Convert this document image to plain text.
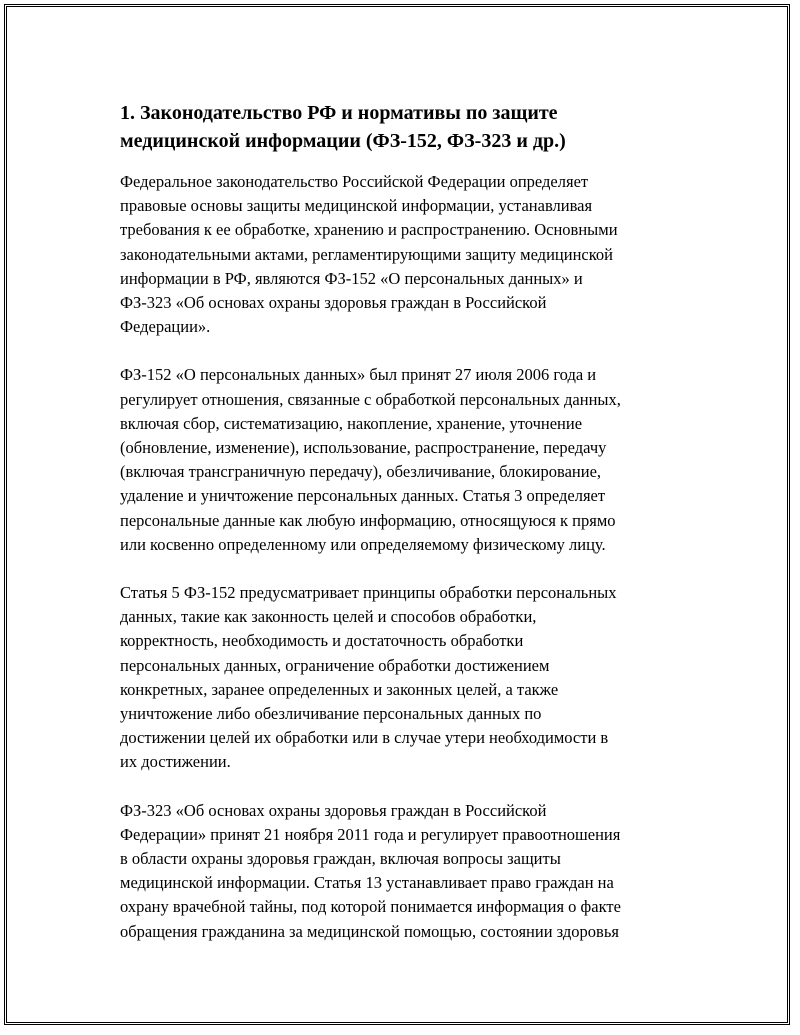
1. Законодательство РФ и нормативы по защите
медицинской информации (ФЗ-152, ФЗ-323 и др.)
Федеральное законодательство Российской Федерации определяет
правовые основы защиты медицинской информации, устанавливая
требования к ее обработке, хранению и распространению. Основными
законодательными актами, регламентирующими защиту медицинской
информации в РФ, являются ФЗ-152 «О персональных данных» и
ФЗ-323 «Об основах охраны здоровья граждан в Российской
Федерации».
ФЗ-152 «О персональных данных» был принят 27 июля 2006 года и
регулирует отношения, связанные с обработкой персональных данных,
включая сбор, систематизацию, накопление, хранение, уточнение
(обновление, изменение), использование, распространение, передачу
(включая трансграничную передачу), обезличивание, блокирование,
удаление и уничтожение персональных данных. Статья 3 определяет
персональные данные как любую информацию, относящуюся к прямо
или косвенно определенному или определяемому физическому лицу.
Статья 5 ФЗ-152 предусматривает принципы обработки персональных
данных, такие как законность целей и способов обработки,
корректность, необходимость и достаточность обработки
персональных данных, ограничение обработки достижением
конкретных, заранее определенных и законных целей, а также
уничтожение либо обезличивание персональных данных по
достижении целей их обработки или в случае утери необходимости в
их достижении.
ФЗ-323 «Об основах охраны здоровья граждан в Российской
Федерации» принят 21 ноября 2011 года и регулирует правоотношения
в области охраны здоровья граждан, включая вопросы защиты
медицинской информации. Статья 13 устанавливает право граждан на
охрану врачебной тайны, под которой понимается информация о факте
обращения гражданина за медицинской помощью, состоянии здоровья
